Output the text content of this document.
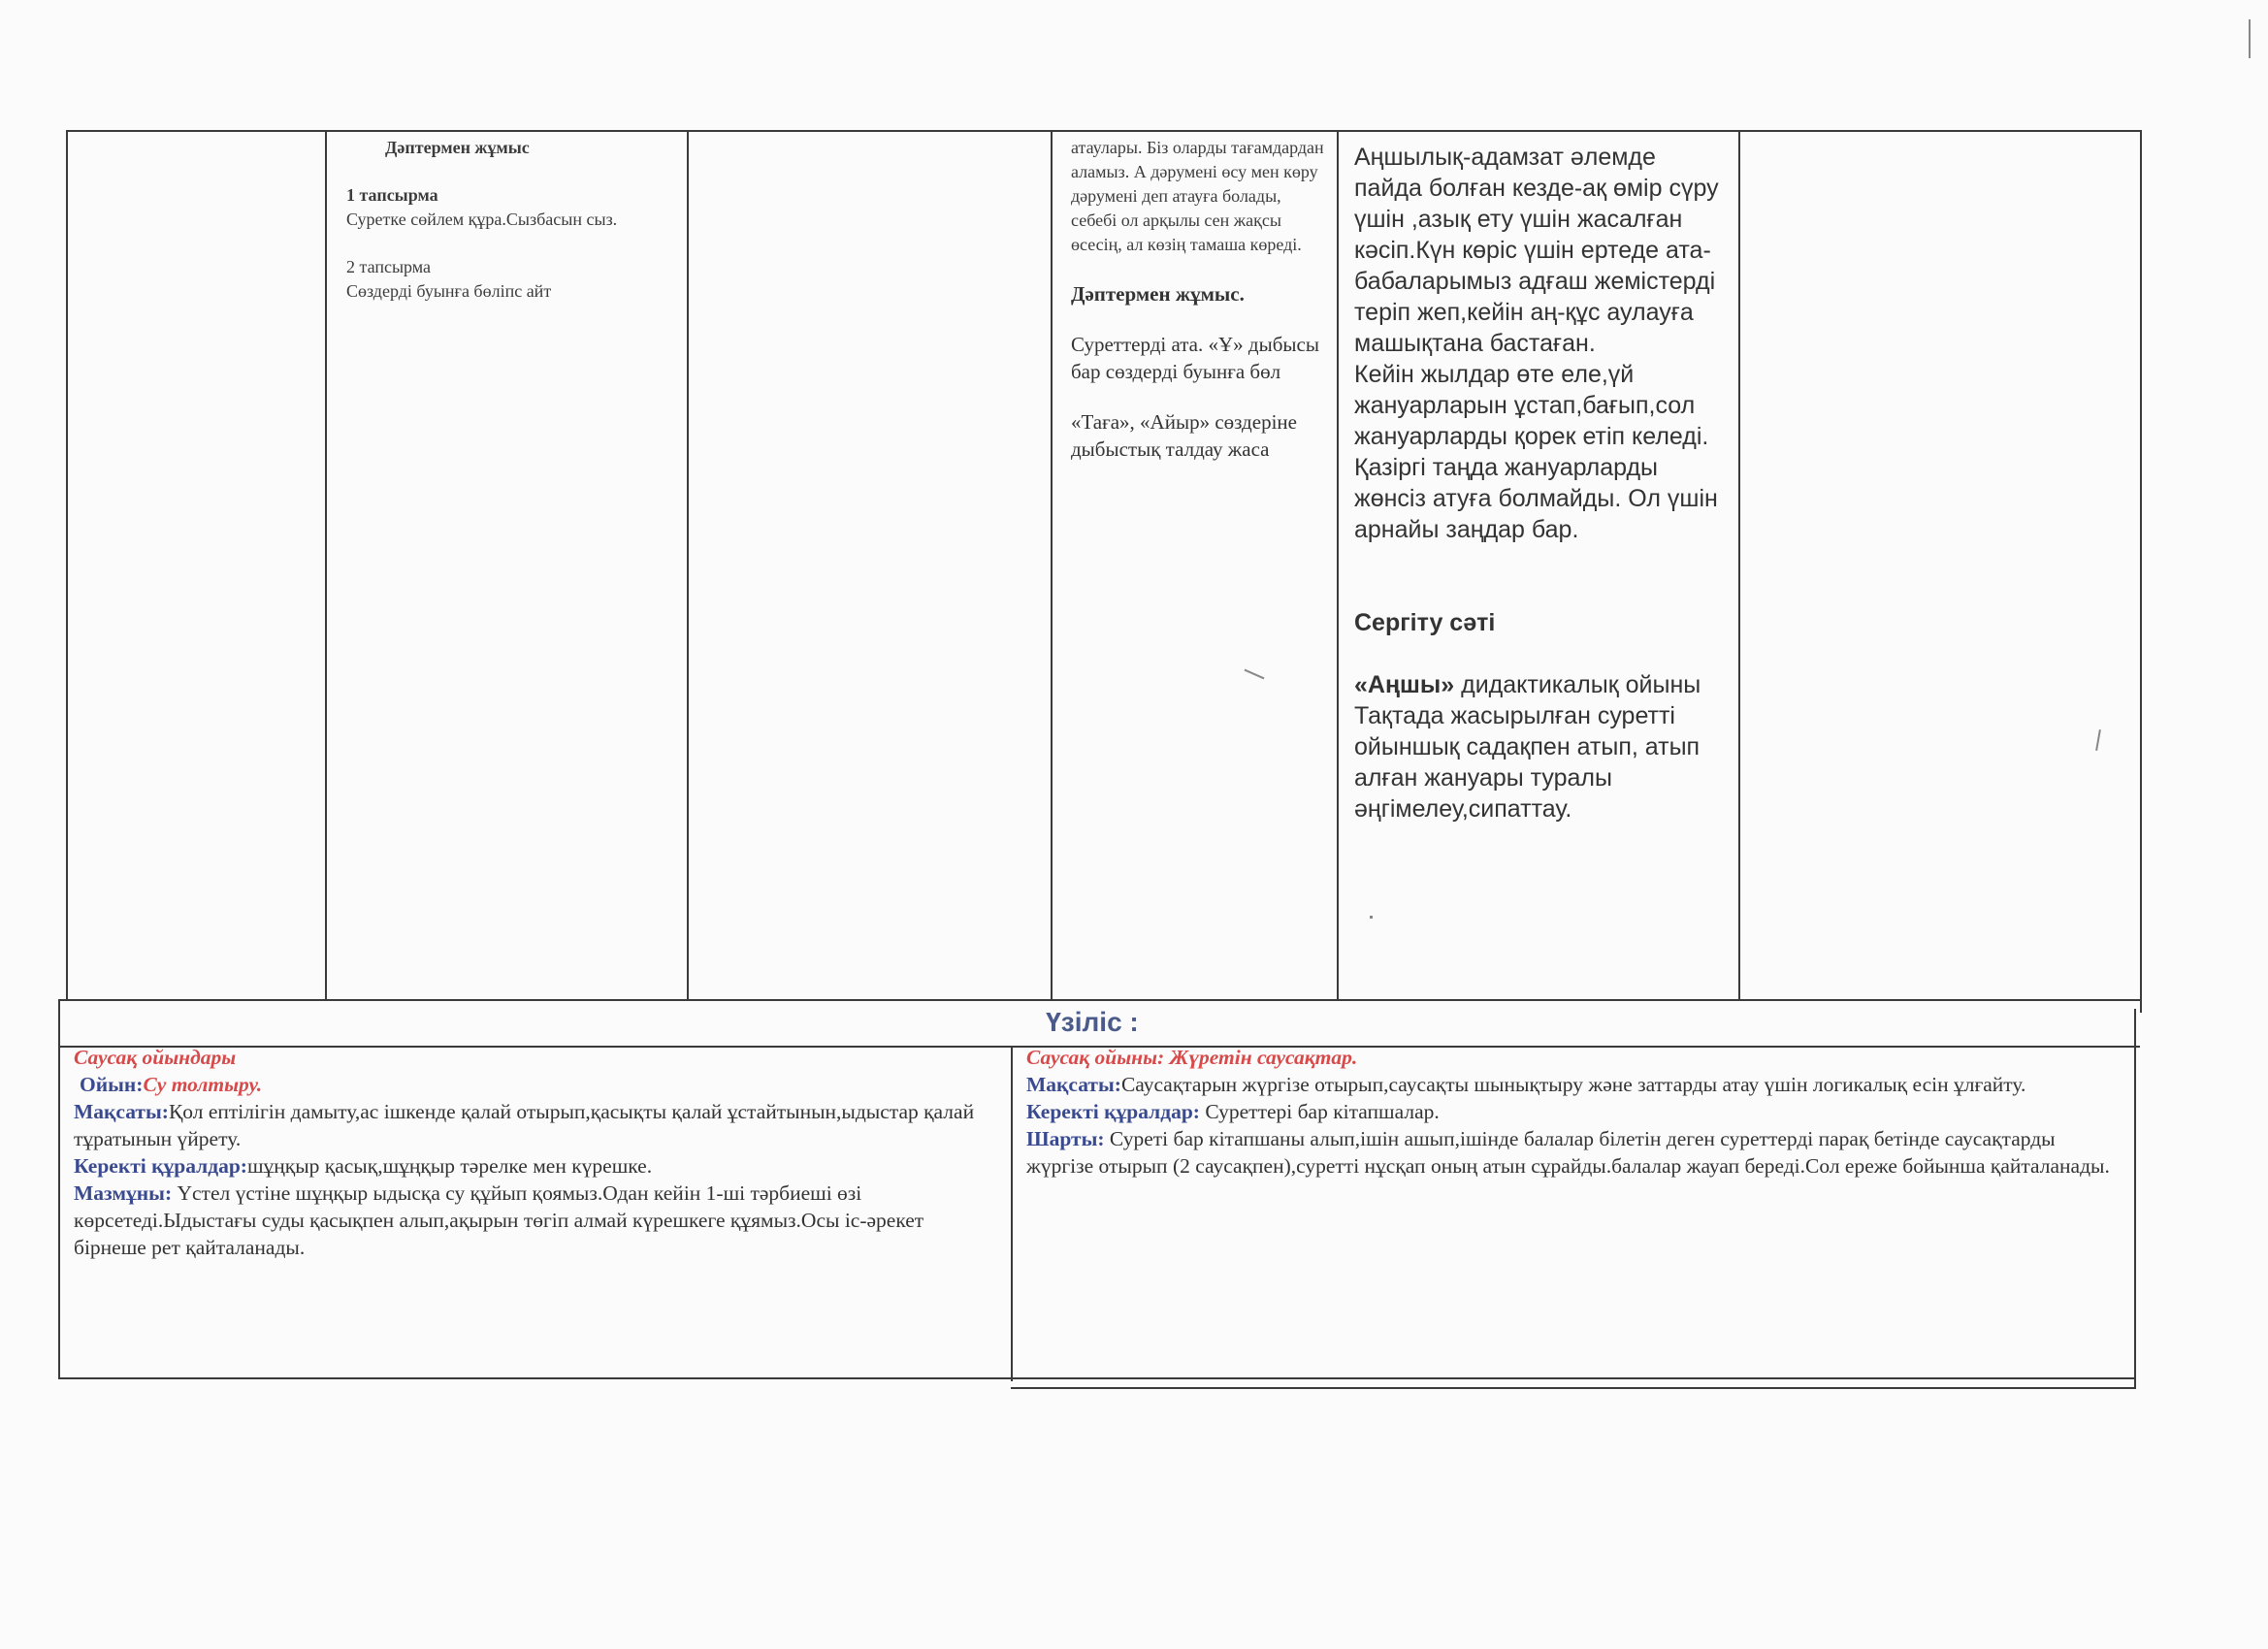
Дәптермен жұмыс
1 тапсырма
Суретке сөйлем құра.Сызбасын сыз.
2 тапсырма
Сөздерді буынға бөліпс айт
атаулары. Біз оларды тағамдардан аламыз. А дәрумені өсу мен көру дәрумені деп атауға болады, себебі ол арқылы сен жақсы өсесің, ал көзің тамаша көреді.
Дәптермен жұмыс.
Суреттерді ата. «Ұ» дыбысы бар сөздерді буынға бөл
«Таға», «Айыр» сөздеріне дыбыстық талдау жаса
Аңшылық-адамзат әлемде пайда болған кезде-ақ өмір сүру үшін ,азық ету үшін жасалған кәсіп.Күн көріс үшін ертеде ата-бабаларымыз адғаш жемістерді теріп жеп,кейін аң-құс аулауға машықтана бастаған.
Кейін жылдар өте еле,үй жануарларын ұстап,бағып,сол жануарларды қорек етіп келеді. Қазіргі таңда жануарларды жөнсіз атуға болмайды. Ол үшін арнайы заңдар бар.
Сергіту сәті
«Аңшы» дидактикалық ойыны Тақтада жасырылған суретті ойыншық садақпен атып, атып алған жануары туралы әңгімелеу,сипаттау.
Үзіліс :
Саусақ ойындары
Ойын:Су толтыру.
Мақсаты:Қол ептілігін дамыту,ас ішкенде қалай отырып,қасықты қалай ұстайтынын,ыдыстар қалай тұратынын үйрету.
Керекті құралдар:шұңқыр қасық,шұңқыр тәрелке мен күрешке.
Мазмұны: Үстел үстіне шұңқыр ыдысқа су құйып қоямыз.Одан кейін 1-ші тәрбиеші өзі көрсетеді.Ыдыстағы суды қасықпен алып,ақырын төгіп алмай күрешкеге құямыз.Осы іс-әрекет бірнеше рет қайталанады.
Саусақ ойыны: Жүретін саусақтар.
Мақсаты:Саусақтарын жүргізе отырып,саусақты шынықтыру және заттарды атау үшін логикалық есін ұлғайту.
Керекті құралдар: Суреттері бар кітапшалар.
Шарты: Суреті бар кітапшаны алып,ішін ашып,ішінде балалар білетін деген суреттерді парақ бетінде саусақтарды жүргізе отырып (2 саусақпен),суретті нұсқап оның атын сұрайды.балалар жауап береді.Сол ереже бойынша қайталанады.
